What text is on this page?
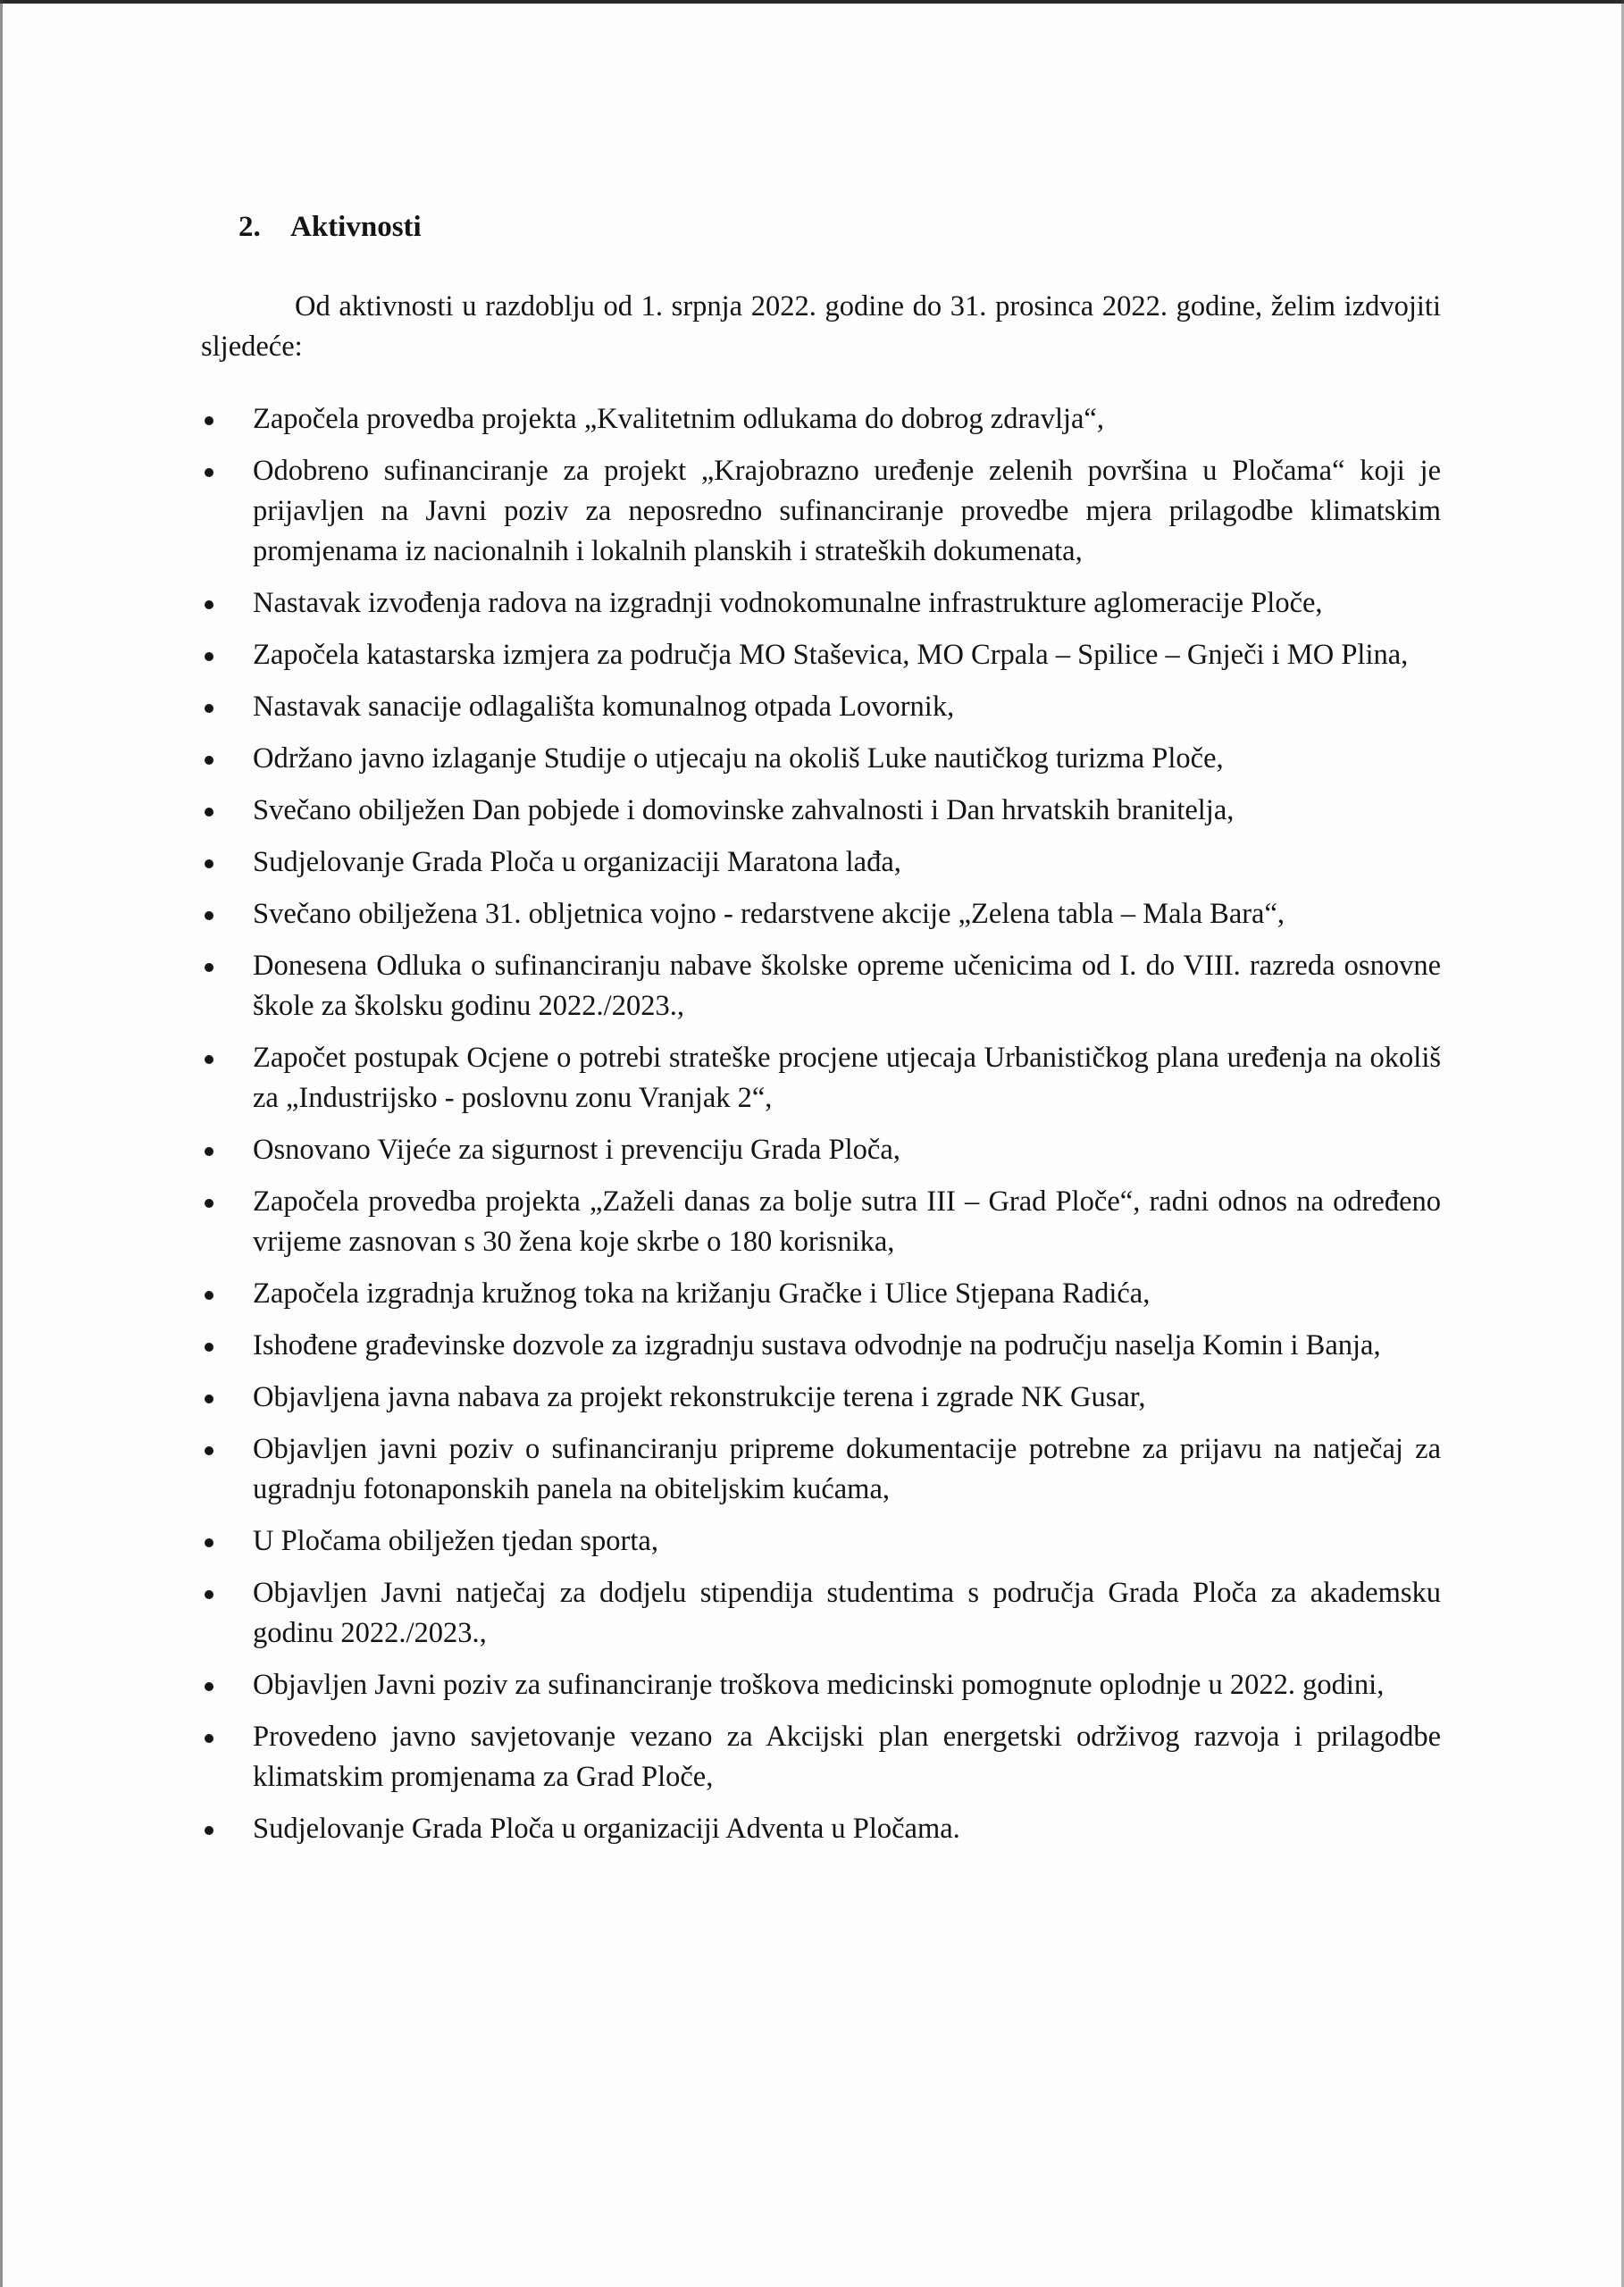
2.	Aktivnosti

Od aktivnosti u razdoblju od 1. srpnja 2022. godine do 31. prosinca 2022. godine, želim izdvojiti sljedeće:

Započela provedba projekta „Kvalitetnim odlukama do dobrog zdravlja“,
Odobreno sufinanciranje za projekt „Krajobrazno uređenje zelenih površina u Pločama“ koji je prijavljen na Javni poziv za neposredno sufinanciranje provedbe mjera prilagodbe klimatskim promjenama iz nacionalnih i lokalnih planskih i strateških dokumenata,
Nastavak izvođenja radova na izgradnji vodnokomunalne infrastrukture aglomeracije Ploče,
Započela katastarska izmjera za područja MO Staševica, MO Crpala – Spilice – Gnječi i MO Plina,
Nastavak sanacije odlagališta komunalnog otpada Lovornik,
Održano javno izlaganje Studije o utjecaju na okoliš Luke nautičkog turizma Ploče,
Svečano obilježen Dan pobjede i domovinske zahvalnosti i Dan hrvatskih branitelja,
Sudjelovanje Grada Ploča u organizaciji Maratona lađa,
Svečano obilježena 31. obljetnica vojno - redarstvene akcije „Zelena tabla – Mala Bara“,
Donesena Odluka o sufinanciranju nabave školske opreme učenicima od I. do VIII. razreda osnovne škole za školsku godinu 2022./2023.,
Započet postupak Ocjene o potrebi strateške procjene utjecaja Urbanističkog plana uređenja na okoliš za „Industrijsko - poslovnu zonu Vranjak 2“,
Osnovano Vijeće za sigurnost i prevenciju Grada Ploča,
Započela provedba projekta „Zaželi danas za bolje sutra III – Grad Ploče“, radni odnos na određeno vrijeme zasnovan s 30 žena koje skrbe o 180 korisnika,
Započela izgradnja kružnog toka na križanju Gračke i Ulice Stjepana Radića,
Ishođene građevinske dozvole za izgradnju sustava odvodnje na području naselja Komin i Banja,
Objavljena javna nabava za projekt rekonstrukcije terena i zgrade NK Gusar,
Objavljen javni poziv o sufinanciranju pripreme dokumentacije potrebne za prijavu na natječaj za ugradnju fotonaponskih panela na obiteljskim kućama,
U Pločama obilježen tjedan sporta,
Objavljen Javni natječaj za dodjelu stipendija studentima s područja Grada Ploča za akademsku godinu 2022./2023.,
Objavljen Javni poziv za sufinanciranje troškova medicinski pomognute oplodnje u 2022. godini,
Provedeno javno savjetovanje vezano za Akcijski plan energetski održivog razvoja i prilagodbe klimatskim promjenama za Grad Ploče,
Sudjelovanje Grada Ploča u organizaciji Adventa u Pločama.
